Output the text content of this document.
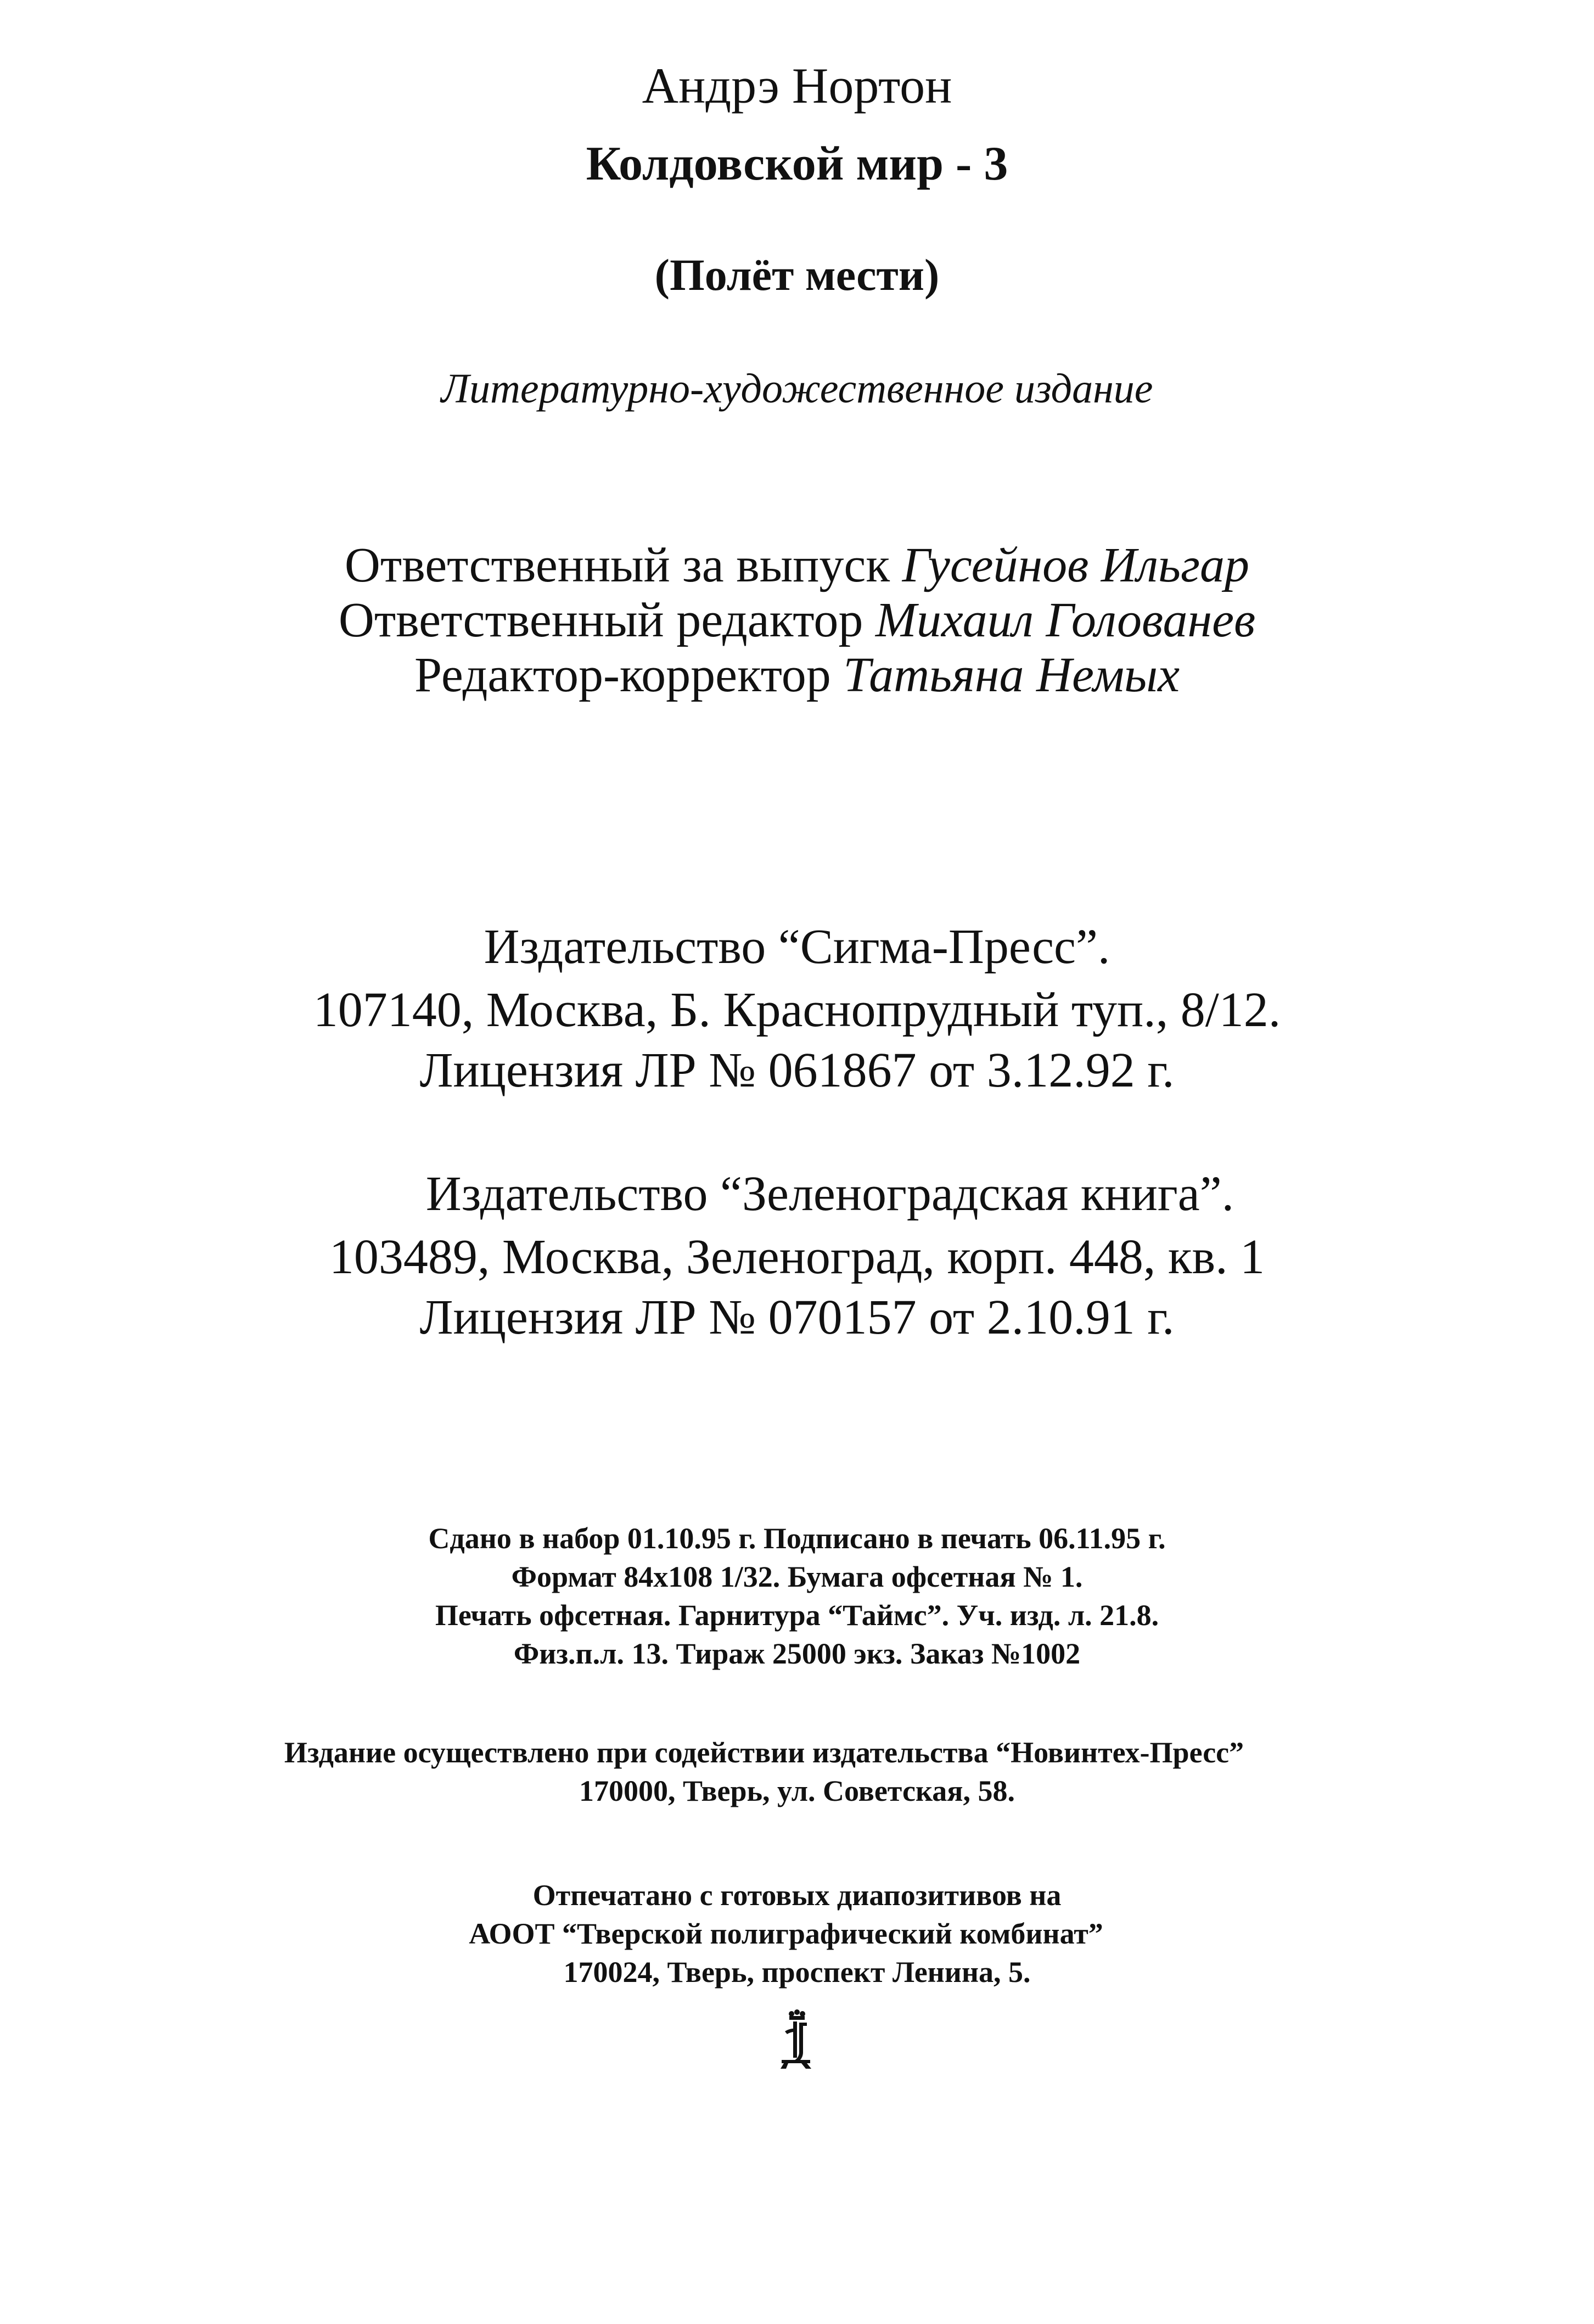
Андрэ Нортон

Колдовской мир - 3

(Полёт мести)

Литературно-художественное издание

Ответственный за выпуск Гусейнов Ильгар

Ответственный редактор Михаил Голованев

Редактор-корректор Татьяна Немых

Издательство “Сигма-Пресс”.

107140, Москва, Б. Краснопрудный туп., 8/12.

Лицензия ЛР № 061867 от 3.12.92 г.

Издательство “Зеленоградская книга”.

103489, Москва, Зеленоград, корп. 448, кв. 1

Лицензия ЛР № 070157 от 2.10.91 г.

Сдано в набор 01.10.95 г. Подписано в печать 06.11.95 г.

Формат 84x108 1/32. Бумага офсетная № 1.

Печать офсетная. Гарнитура “Таймс”. Уч. изд. л. 21.8.

Физ.п.л. 13. Тираж 25000 экз. Заказ №1002

Издание осуществлено при содействии издательства “Новинтех-Пресс”

170000, Тверь, ул. Советская, 58.

Отпечатано с готовых диапозитивов на

АООТ “Тверской полиграфический комбинат”

170024, Тверь, проспект Ленина, 5.
